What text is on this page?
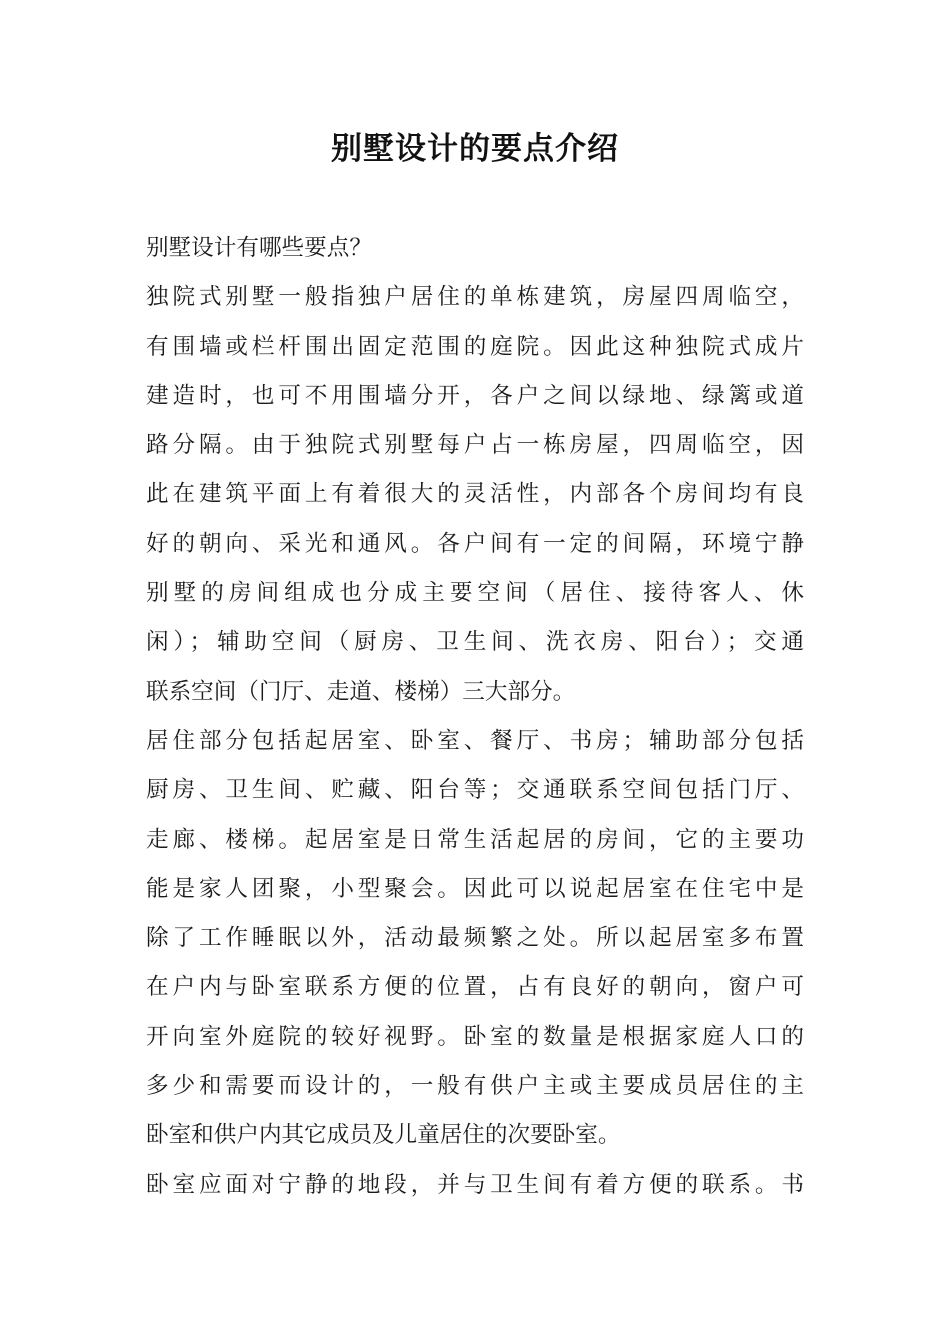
别墅设计的要点介绍
别墅设计有哪些要点？
独院式别墅一般指独户居住的单栋建筑，房屋四周临空，
有围墙或栏杆围出固定范围的庭院。因此这种独院式成片
建造时，也可不用围墙分开，各户之间以绿地、绿篱或道
路分隔。由于独院式别墅每户占一栋房屋，四周临空，因
此在建筑平面上有着很大的灵活性，内部各个房间均有良
好的朝向、采光和通风。各户间有一定的间隔，环境宁静
别墅的房间组成也分成主要空间（居住、接待客人、休
闲）；辅助空间（厨房、卫生间、洗衣房、阳台）；交通
联系空间（门厅、走道、楼梯）三大部分。
居住部分包括起居室、卧室、餐厅、书房；辅助部分包括
厨房、卫生间、贮藏、阳台等；交通联系空间包括门厅、
走廊、楼梯。起居室是日常生活起居的房间，它的主要功
能是家人团聚，小型聚会。因此可以说起居室在住宅中是
除了工作睡眠以外，活动最频繁之处。所以起居室多布置
在户内与卧室联系方便的位置，占有良好的朝向，窗户可
开向室外庭院的较好视野。卧室的数量是根据家庭人口的
多少和需要而设计的，一般有供户主或主要成员居住的主
卧室和供户内其它成员及儿童居住的次要卧室。
卧室应面对宁静的地段，并与卫生间有着方便的联系。书
